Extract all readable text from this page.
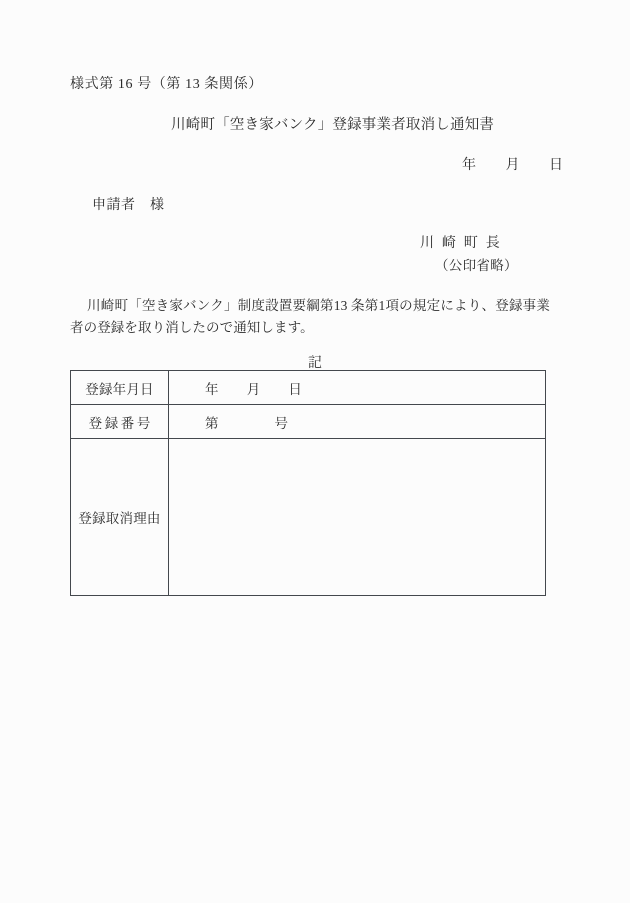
様式第 16 号（第 13 条関係）
川崎町「空き家バンク」登録事業者取消し通知書
年　　月　　日
申請者　様
川 崎 町 長
（公印省略）
川崎町「空き家バンク」制度設置要綱第13 条第1項の規定により、登録事業者の登録を取り消したので通知します。
記
登録年月日	年　　月　　日
登録番号	第　　　　号
登録取消理由	
